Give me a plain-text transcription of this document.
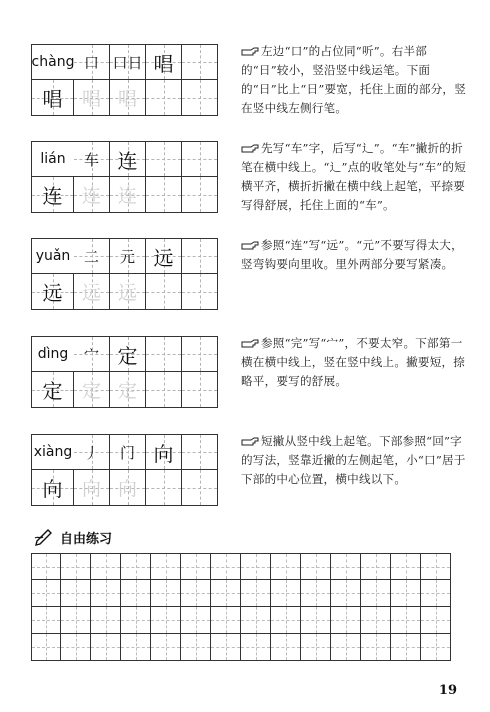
chàng 口 口日 唱
唱	唱 唱
左边“口”的占位同“听”。右半部的“日”较小，竖沿竖中线运笔。下面的“日”比上“日”要宽，托住上面的部分，竖在竖中线左侧行笔。
lián	车 连
连	连 连
先写“车”字，后写“辶”。“车”撇折的折笔在横中线上。“辶”点的收笔处与“车”的短横平齐，横折折撇在横中线上起笔，平捺要写得舒展，托住上面的“车”。
yuǎn 二	元 远
远	远 远
参照“连”写“远”。“元”不要写得太大，竖弯钩要向里收。里外两部分要写紧凑。
dìng	宀 定
定	定 定
参照“完”写“宀”，不要太窄。下部第一横在横中线上，竖在竖中线上。撇要短，捺略平，要写的舒展。
xiàng 丿	门 向
向	向 向
短撇从竖中线上起笔。下部参照“回”字的写法，竖靠近撇的左侧起笔，小“口”居于下部的中心位置，横中线以下。
自由练习
19
